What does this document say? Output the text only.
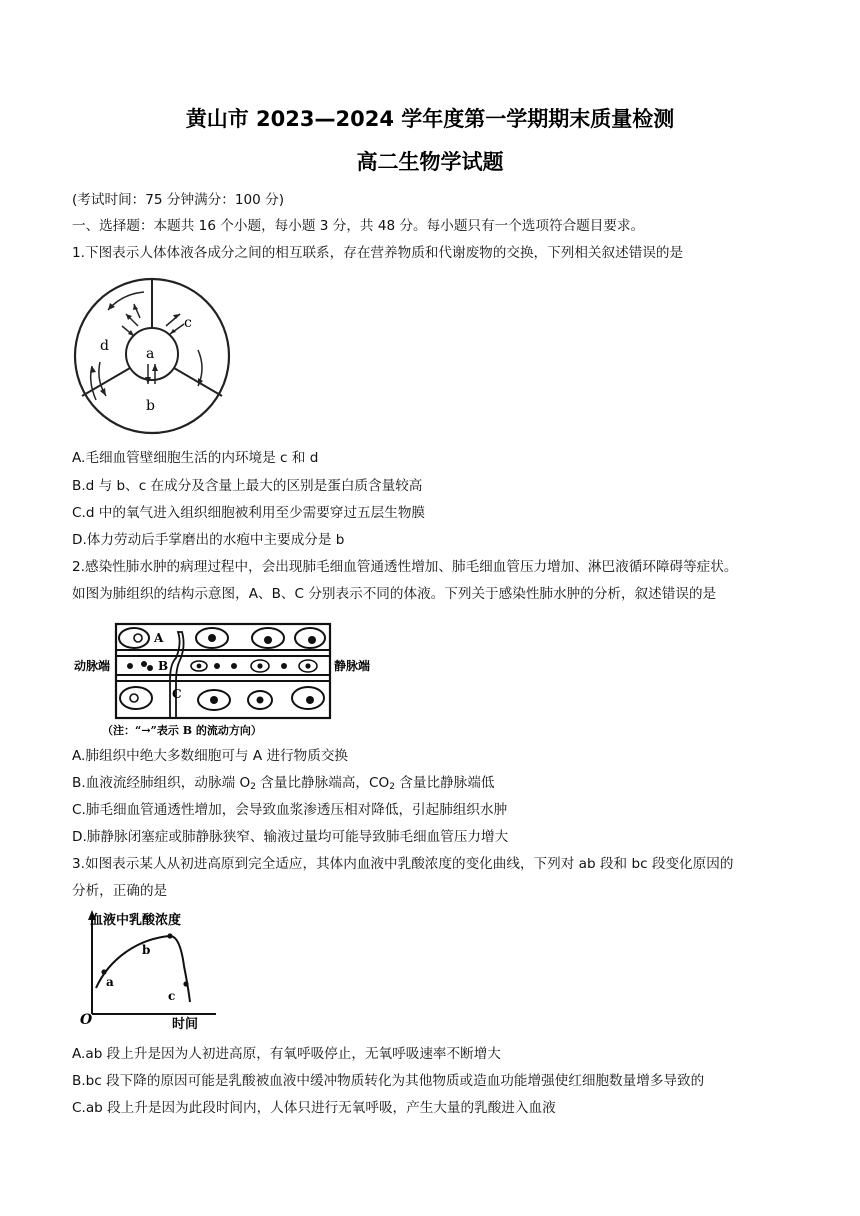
黄山市 2023—2024 学年度第一学期期末质量检测
高二生物学试题
(考试时间：75 分钟满分：100 分)
一、选择题：本题共 16 个小题，每小题 3 分，共 48 分。每小题只有一个选项符合题目要求。
1.下图表示人体体液各成分之间的相互联系，存在营养物质和代谢废物的交换，下列相关叙述错误的是
a
b
c
d
A.毛细血管壁细胞生活的内环境是 c 和 d
B.d 与 b、c 在成分及含量上最大的区别是蛋白质含量较高
C.d 中的氧气进入组织细胞被利用至少需要穿过五层生物膜
D.体力劳动后手掌磨出的水疱中主要成分是 b
2.感染性肺水肿的病理过程中，会出现肺毛细血管通透性增加、肺毛细血管压力增加、淋巴液循环障碍等症状。
如图为肺组织的结构示意图，A、B、C 分别表示不同的体液。下列关于感染性肺水肿的分析，叙述错误的是
A
B
C
动脉端	静脉端
（注：“→”表示 B 的流动方向）
A.肺组织中绝大多数细胞可与 A 进行物质交换
B.血液流经肺组织，动脉端 $O_2$ 含量比静脉端高，$CO_2$ 含量比静脉端低
C.肺毛细血管通透性增加，会导致血浆渗透压相对降低，引起肺组织水肿
D.肺静脉闭塞症或肺静脉狭窄、输液过量均可能导致肺毛细血管压力增大
3.如图表示某人从初进高原到完全适应，其体内血液中乳酸浓度的变化曲线，下列对 ab 段和 bc 段变化原因的
分析，正确的是
血液中乳酸浓度
时间
O
a
b
c
A.ab 段上升是因为人初进高原，有氧呼吸停止，无氧呼吸速率不断增大
B.bc 段下降的原因可能是乳酸被血液中缓冲物质转化为其他物质或造血功能增强使红细胞数量增多导致的
C.ab 段上升是因为此段时间内，人体只进行无氧呼吸，产生大量的乳酸进入血液
